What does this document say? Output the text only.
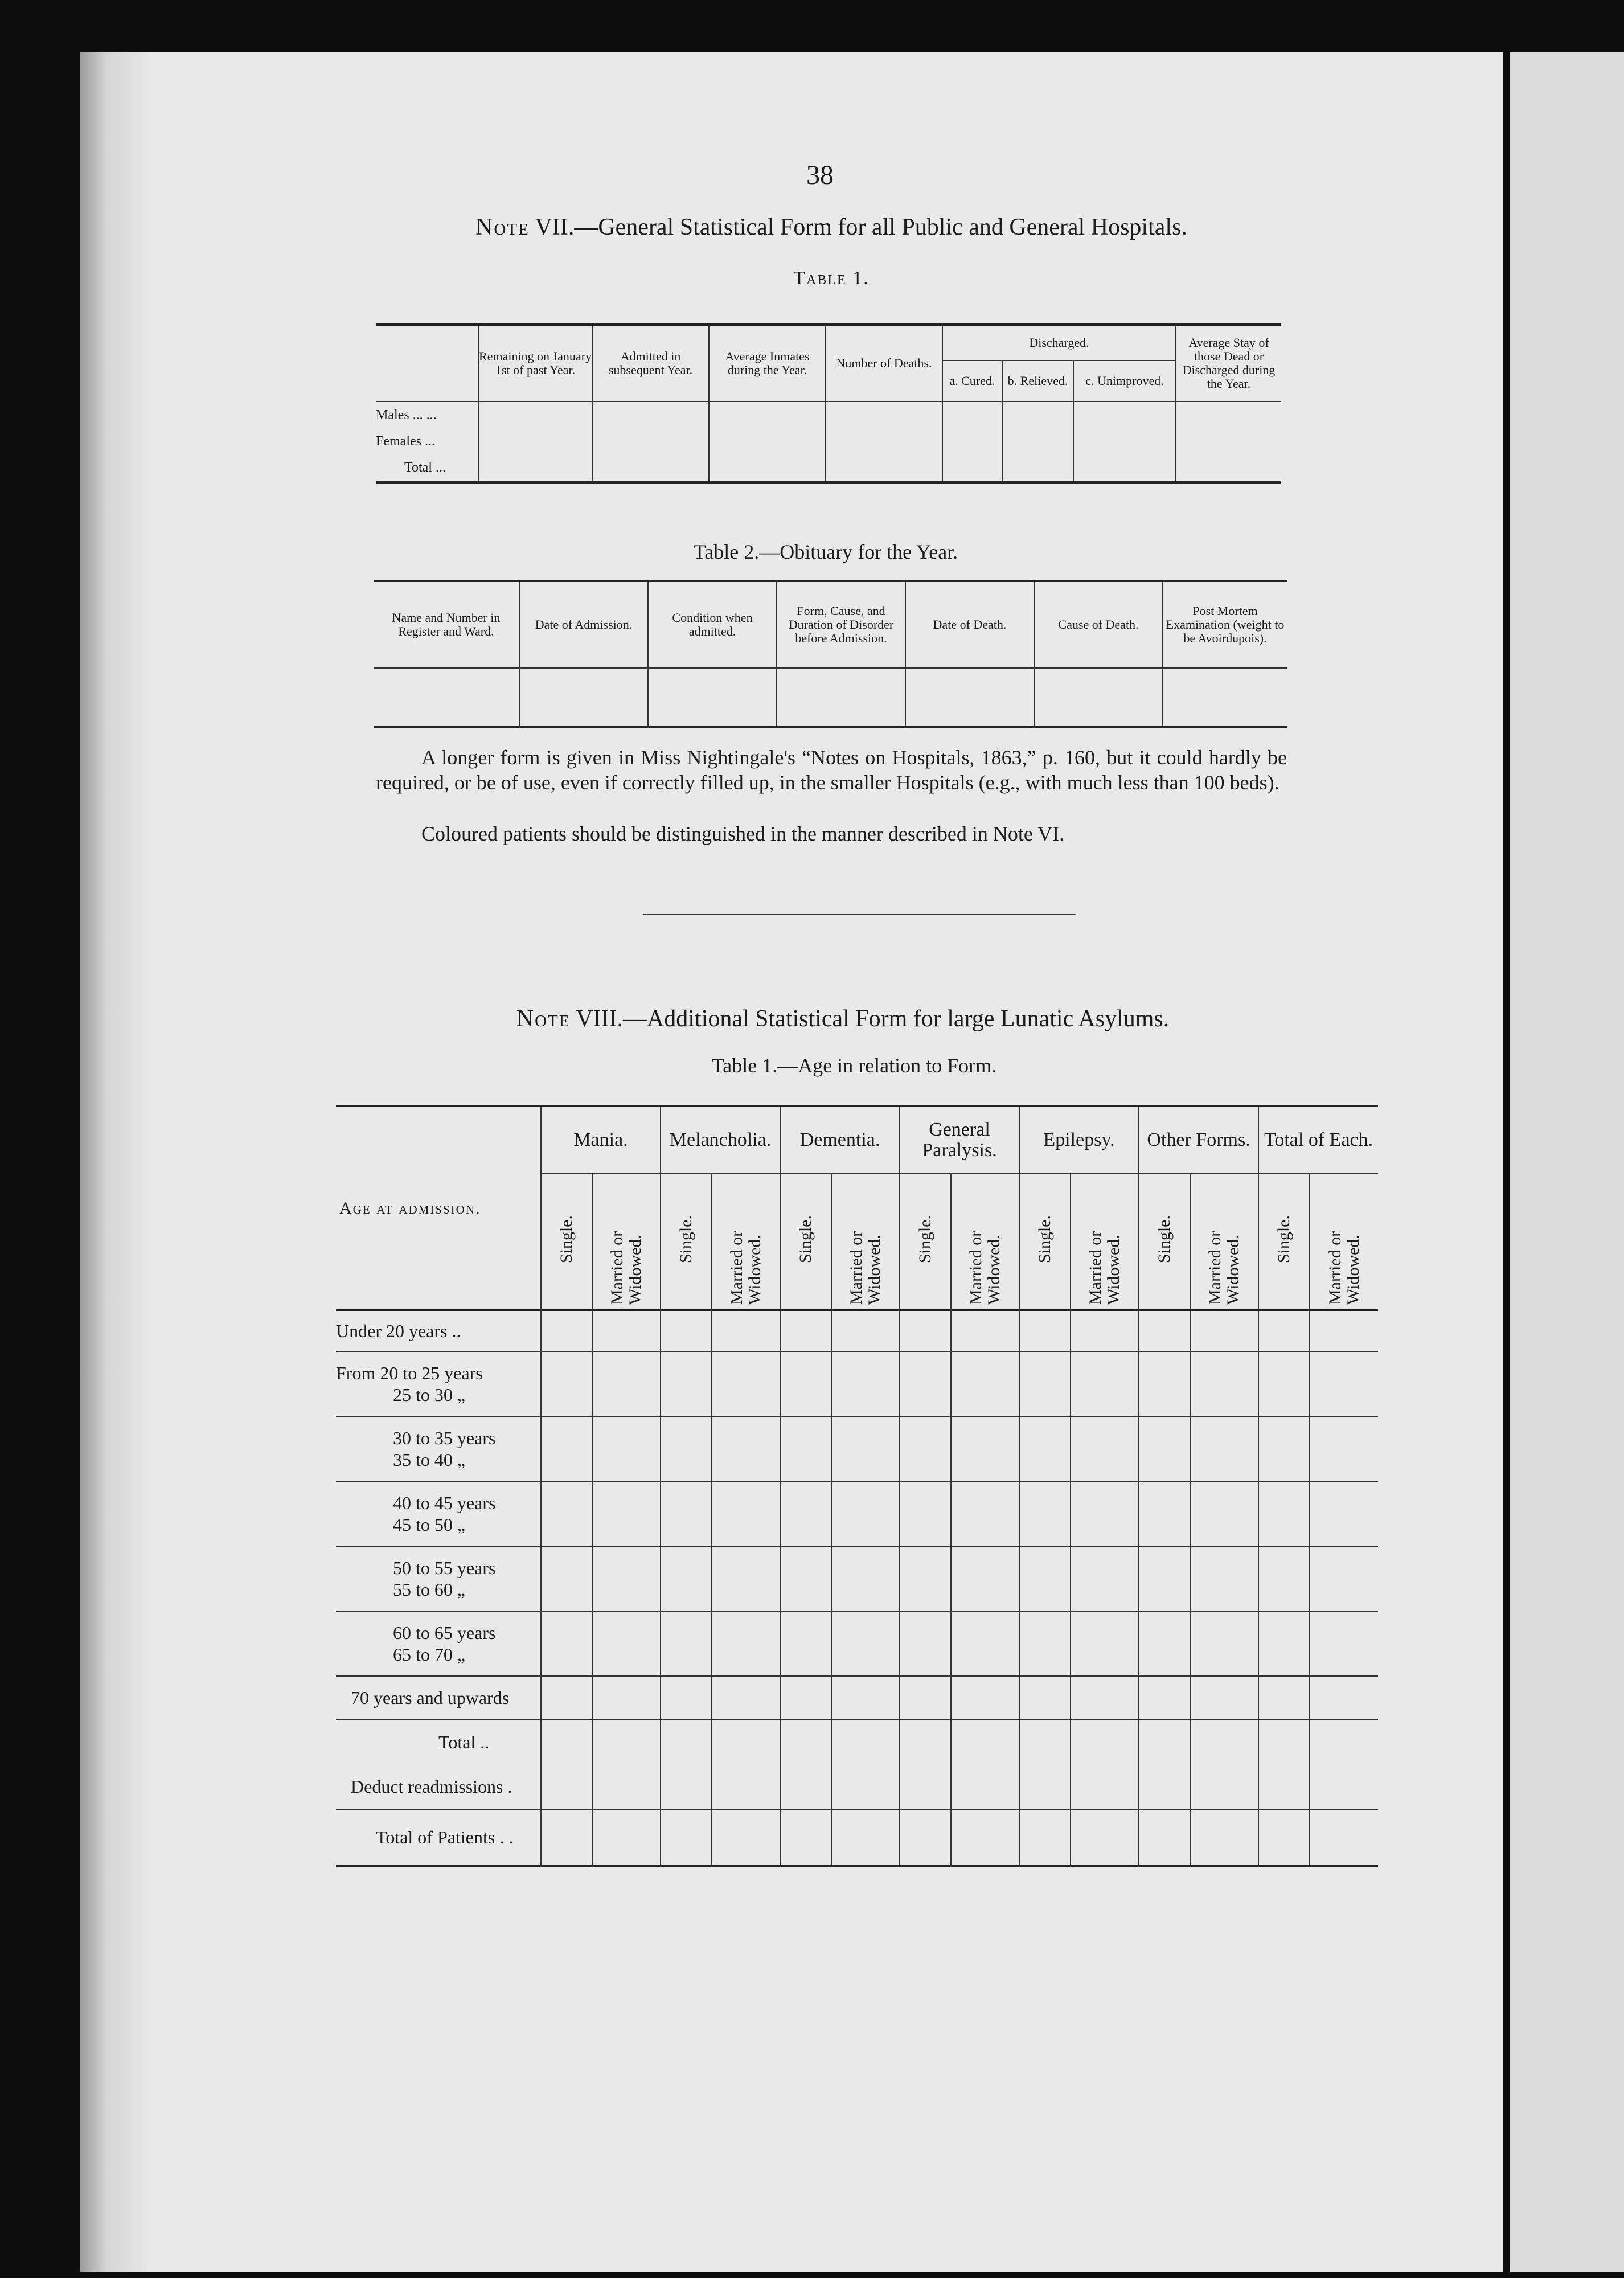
38
Note VII.—General Statistical Form for all Public and General Hospitals.
Table 1.
	Remaining on January 1st of past Year.	Admitted in subsequent Year.	Average Inmates during the Year.	Number of Deaths.	Discharged.			Average Stay of those Dead or Discharged during the Year.
					a. Cured.	b. Relieved.	c. Unimproved.	
Males ... ...								
Females ...								
Total ...								
Table 2.—Obituary for the Year.
Name and Number in Register and Ward.	Date of Admission.	Condition when admitted.	Form, Cause, and Duration of Disorder before Admission.	Date of Death.	Cause of Death.	Post Mortem Examination (weight to be Avoirdupois).

A longer form is given in Miss Nightingale's “Notes on Hospitals, 1863,” p. 160, but it could hardly be required, or be of use, even if correctly filled up, in the smaller Hospitals (e.g., with much less than 100 beds).
Coloured patients should be distinguished in the manner described in Note VI.
Note VIII.—Additional Statistical Form for large Lunatic Asylums.
Table 1.—Age in relation to Form.
Age at admission.	Mania.		Melancholia.		Dementia.		General Paralysis.		Epilepsy.		Other Forms.		Total of Each.	
	Single.	Married or Widowed.	Single.	Married or Widowed.	Single.	Married or Widowed.	Single.	Married or Widowed.	Single.	Married or Widowed.	Single.	Married or Widowed.	Single.	Married or Widowed.
Under 20 years ..														

From 20 to 25 years
25 to 30 „														

30 to 35 years
35 to 40 „														

40 to 45 years
45 to 50 „														

50 to 55 years
55 to 60 „														

60 to 65 years
65 to 70 „														

70 years and upwards														
Total ..														
Deduct readmissions .														
Total of Patients . .														
